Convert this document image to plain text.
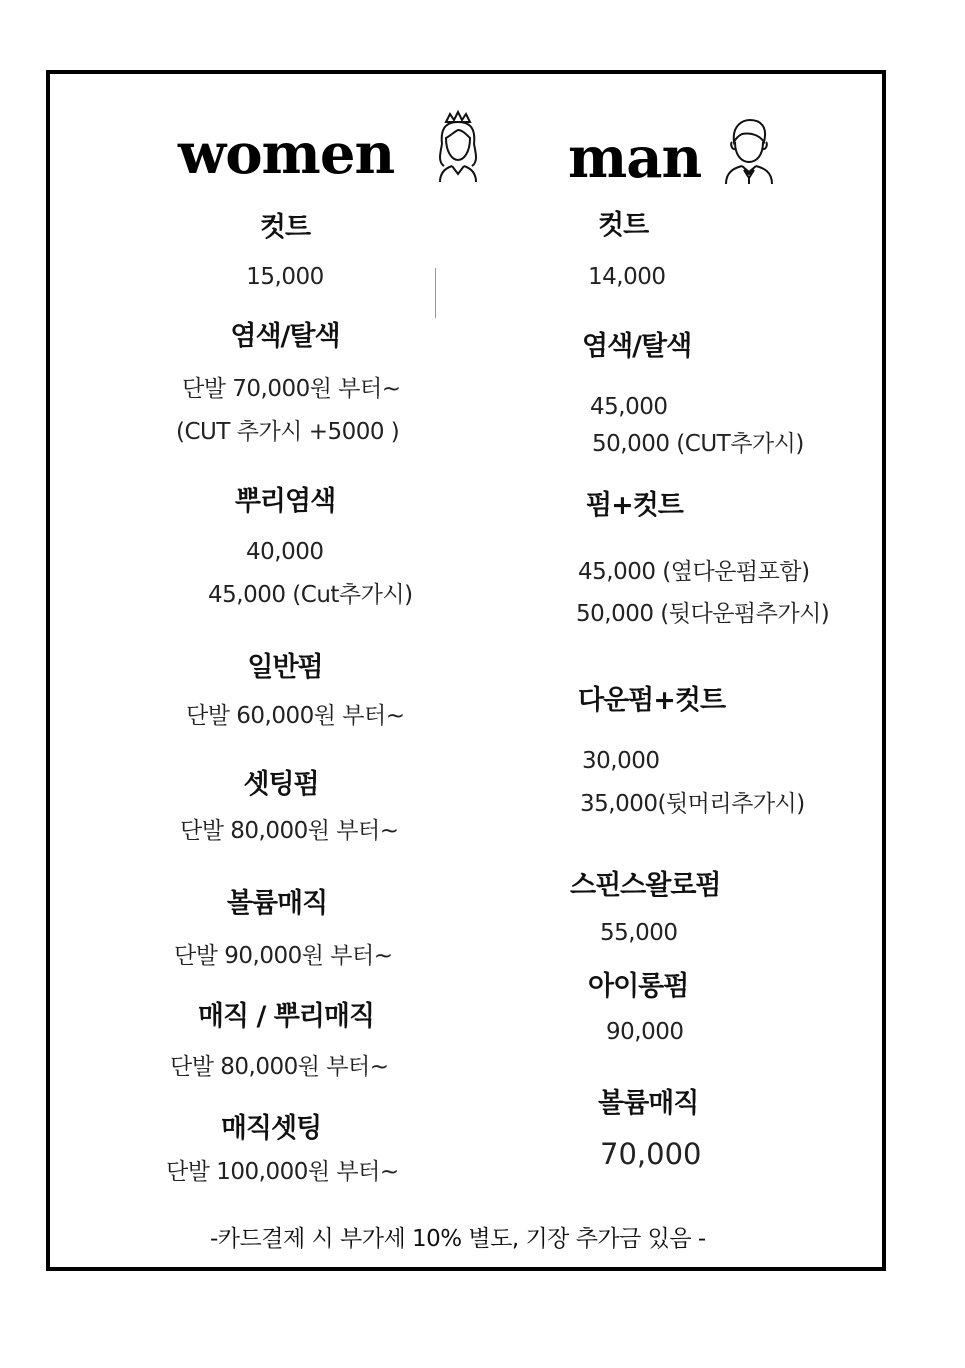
women	man
컷트
15,000
염색/탈색
단발 70,000원 부터~
(CUT 추가시 +5000 )
뿌리염색
40,000
45,000 (Cut추가시)
일반펌
단발 60,000원 부터~
셋팅펌
단발 80,000원 부터~
볼륨매직
단발 90,000원 부터~
매직 / 뿌리매직
단발 80,000원 부터~
매직셋팅
단발 100,000원 부터~
컷트
14,000
염색/탈색
45,000
50,000 (CUT추가시)
펌+컷트
45,000 (옆다운펌포함)
50,000 (뒷다운펌추가시)
다운펌+컷트
30,000
35,000(뒷머리추가시)
스핀스왈로펌
55,000
아이롱펌
90,000
볼륨매직
70,000
-카드결제 시 부가세 10% 별도, 기장 추가금 있음 -
